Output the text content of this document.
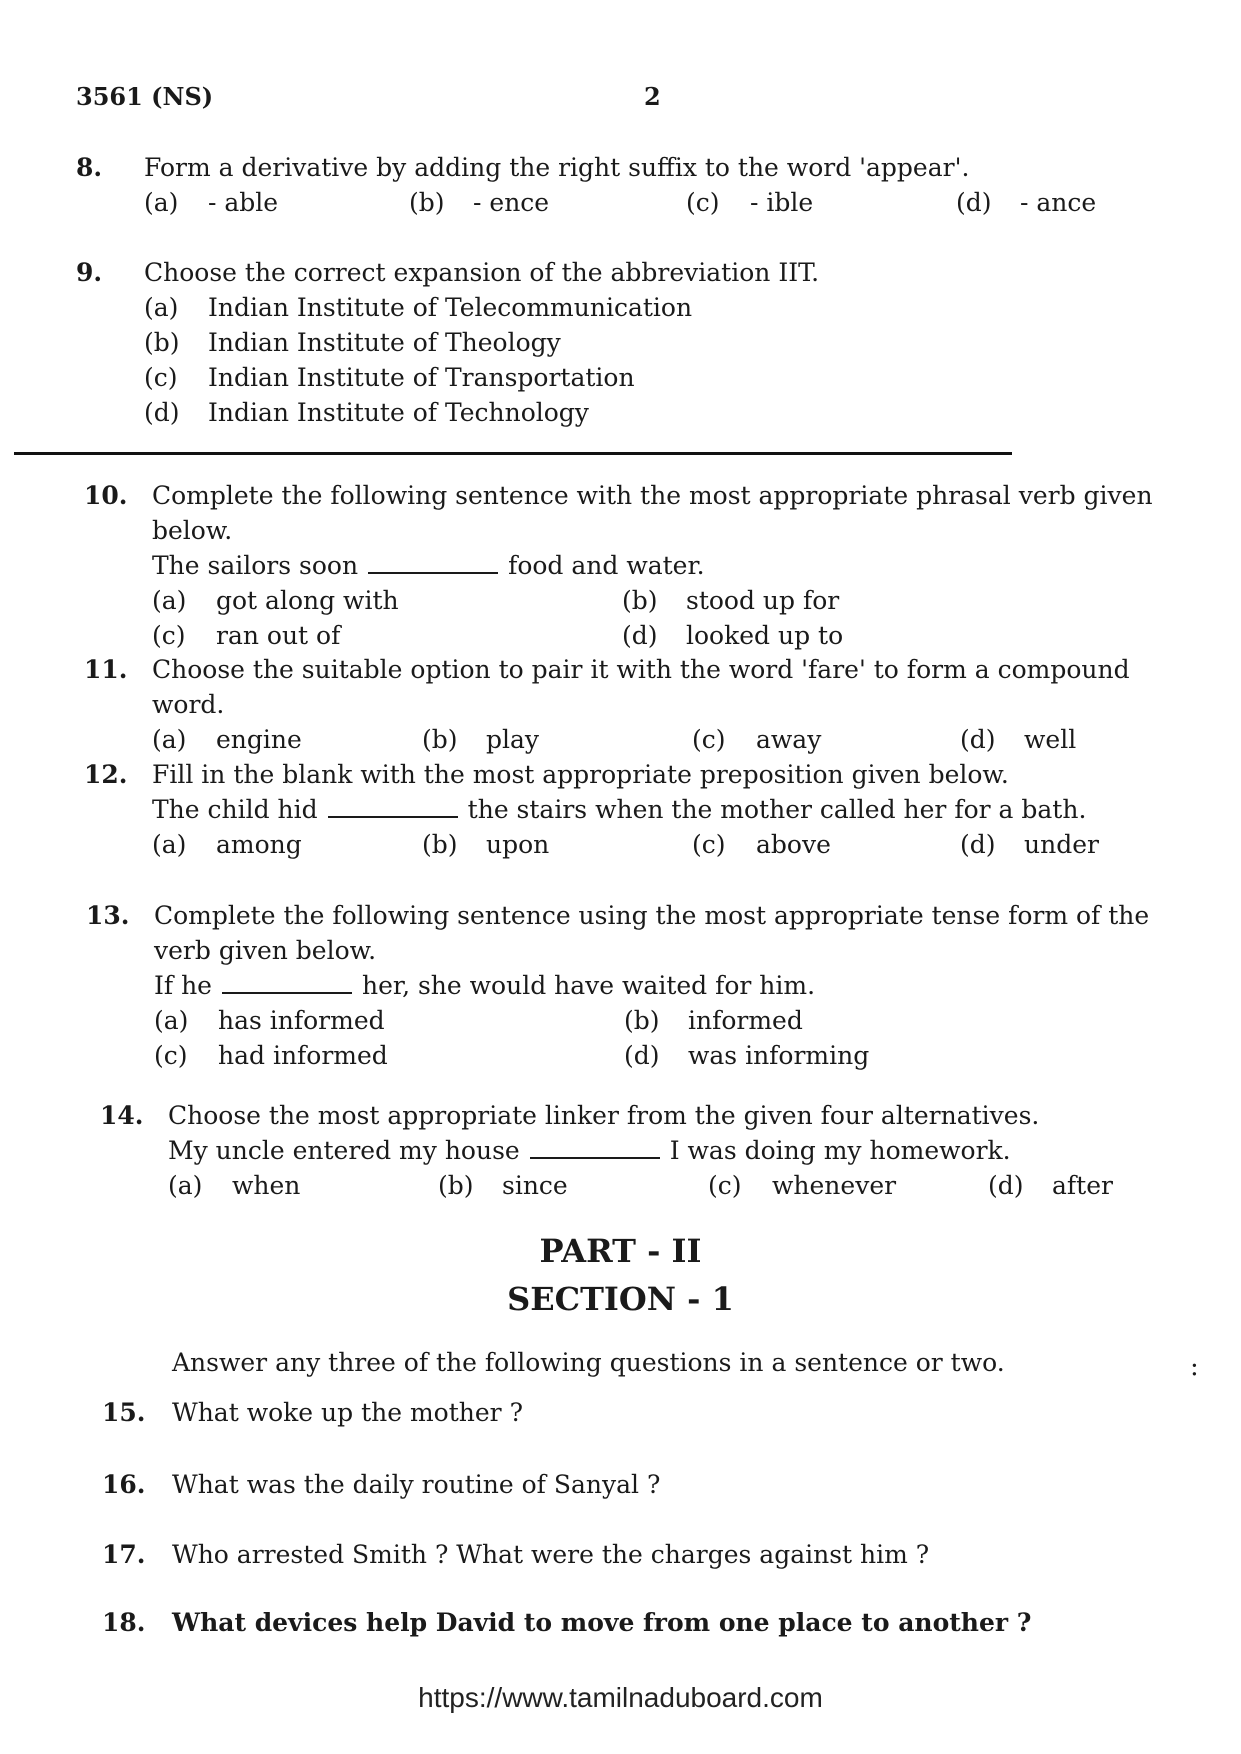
3561 (NS)	2
8. Form a derivative by adding the right suffix to the word 'appear'.
(a) - able	(b) - ence	(c) - ible	(d) - ance
9. Choose the correct expansion of the abbreviation IIT.
(a) Indian Institute of Telecommunication
(b) Indian Institute of Theology
(c) Indian Institute of Transportation
(d) Indian Institute of Technology
10. Complete the following sentence with the most appropriate phrasal verb given below.
The sailors soon	food and water.
(a) got along with	(b) stood up for
(c) ran out of	(d) looked up to
11. Choose the suitable option to pair it with the word 'fare' to form a compound word.
(a) engine	(b) play	(c) away	(d) well
12. Fill in the blank with the most appropriate preposition given below.
The child hid	the stairs when the mother called her for a bath.
(a) among	(b) upon	(c) above	(d) under
13. Complete the following sentence using the most appropriate tense form of the verb given below.
If he	her, she would have waited for him.
(a) has informed	(b) informed
(c) had informed	(d) was informing
14. Choose the most appropriate linker from the given four alternatives.
My uncle entered my house	I was doing my homework.
(a) when	(b) since	(c) whenever	(d) after
PART - II
SECTION - 1
Answer any three of the following questions in a sentence or two.	:
15. What woke up the mother ?
16. What was the daily routine of Sanyal ?
17. Who arrested Smith ? What were the charges against him ?
18. What devices help David to move from one place to another ?
https://www.tamilnaduboard.com
